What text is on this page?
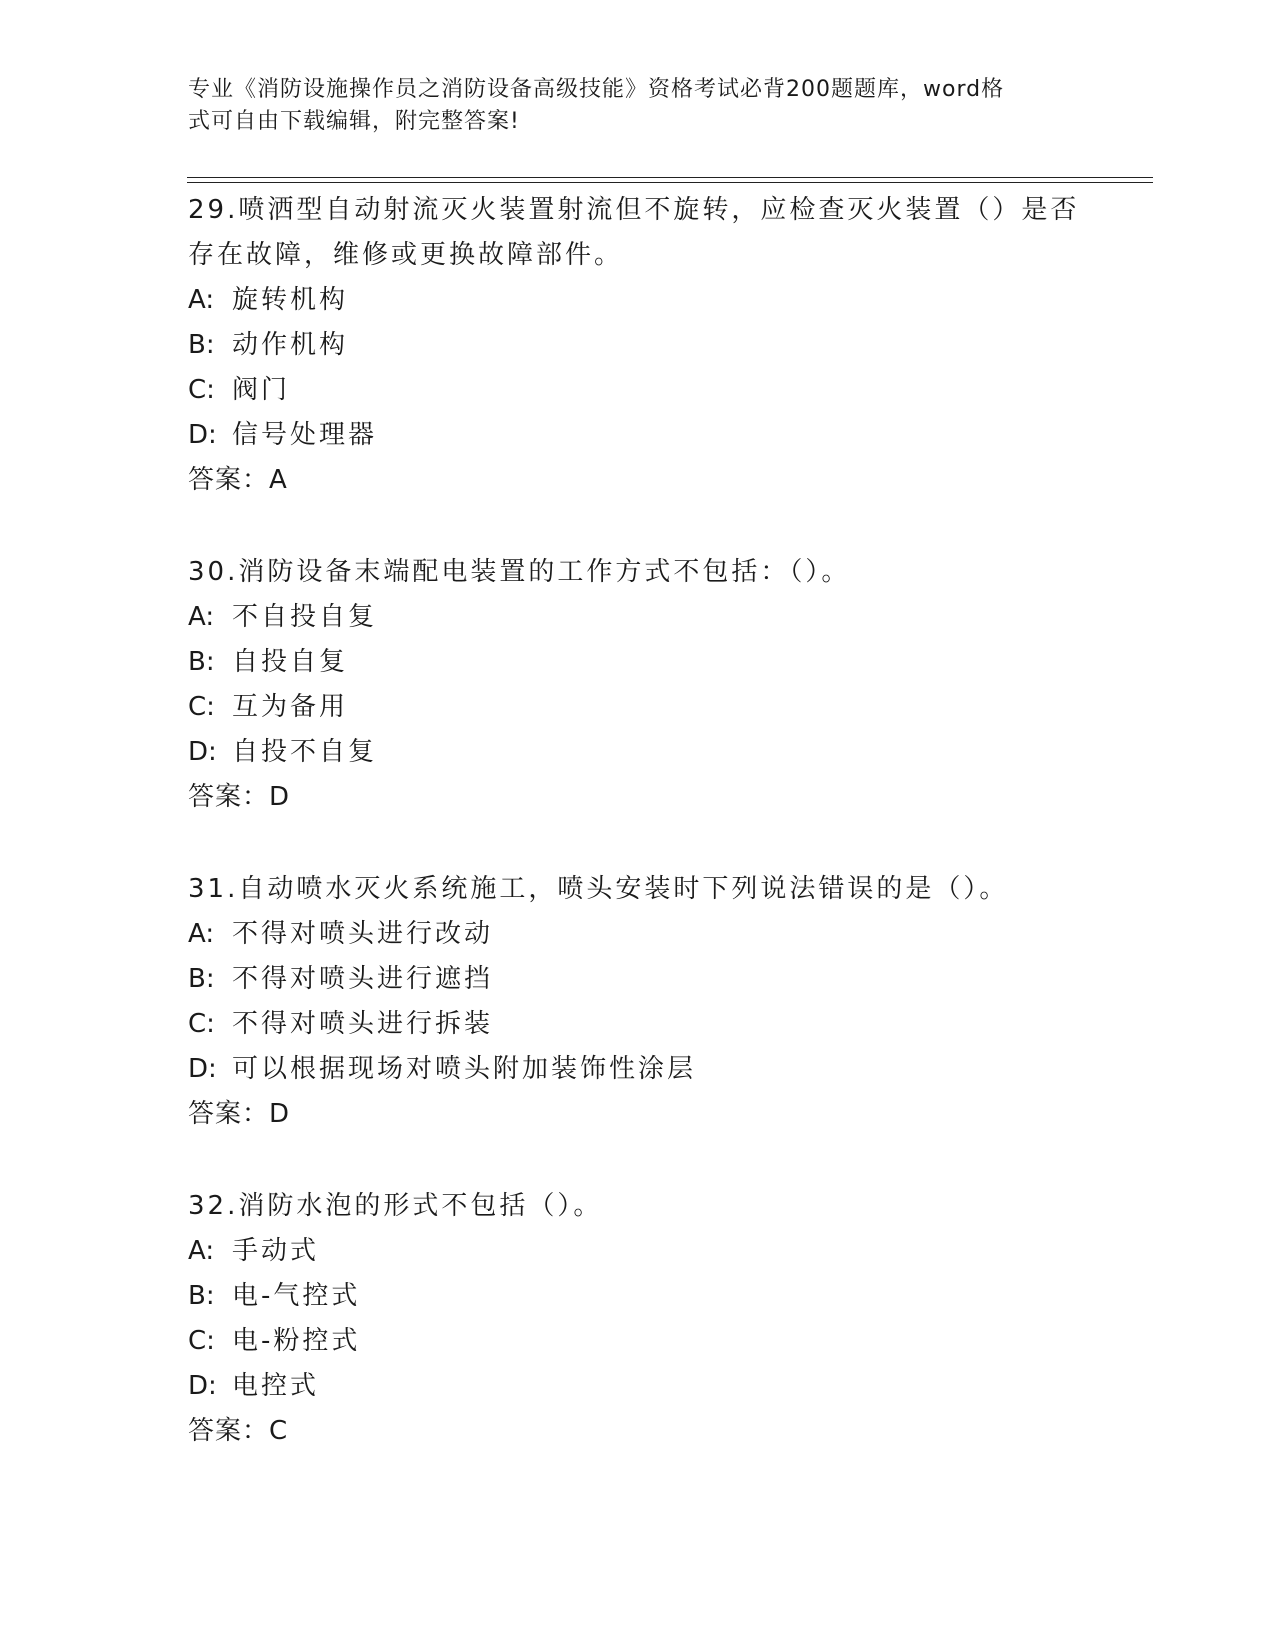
专业《消防设施操作员之消防设备高级技能》资格考试必背200题题库，word格
式可自由下载编辑，附完整答案!
29.喷洒型自动射流灭火装置射流但不旋转，应检查灭火装置（）是否
存在故障，维修或更换故障部件。
A: 旋转机构
B: 动作机构
C: 阀门
D: 信号处理器
答案：A
30.消防设备末端配电装置的工作方式不包括：（）。
A: 不自投自复
B: 自投自复
C: 互为备用
D: 自投不自复
答案：D
31.自动喷水灭火系统施工，喷头安装时下列说法错误的是（）。
A: 不得对喷头进行改动
B: 不得对喷头进行遮挡
C: 不得对喷头进行拆装
D: 可以根据现场对喷头附加装饰性涂层
答案：D
32.消防水泡的形式不包括（）。
A: 手动式
B: 电-气控式
C: 电-粉控式
D: 电控式
答案：C
